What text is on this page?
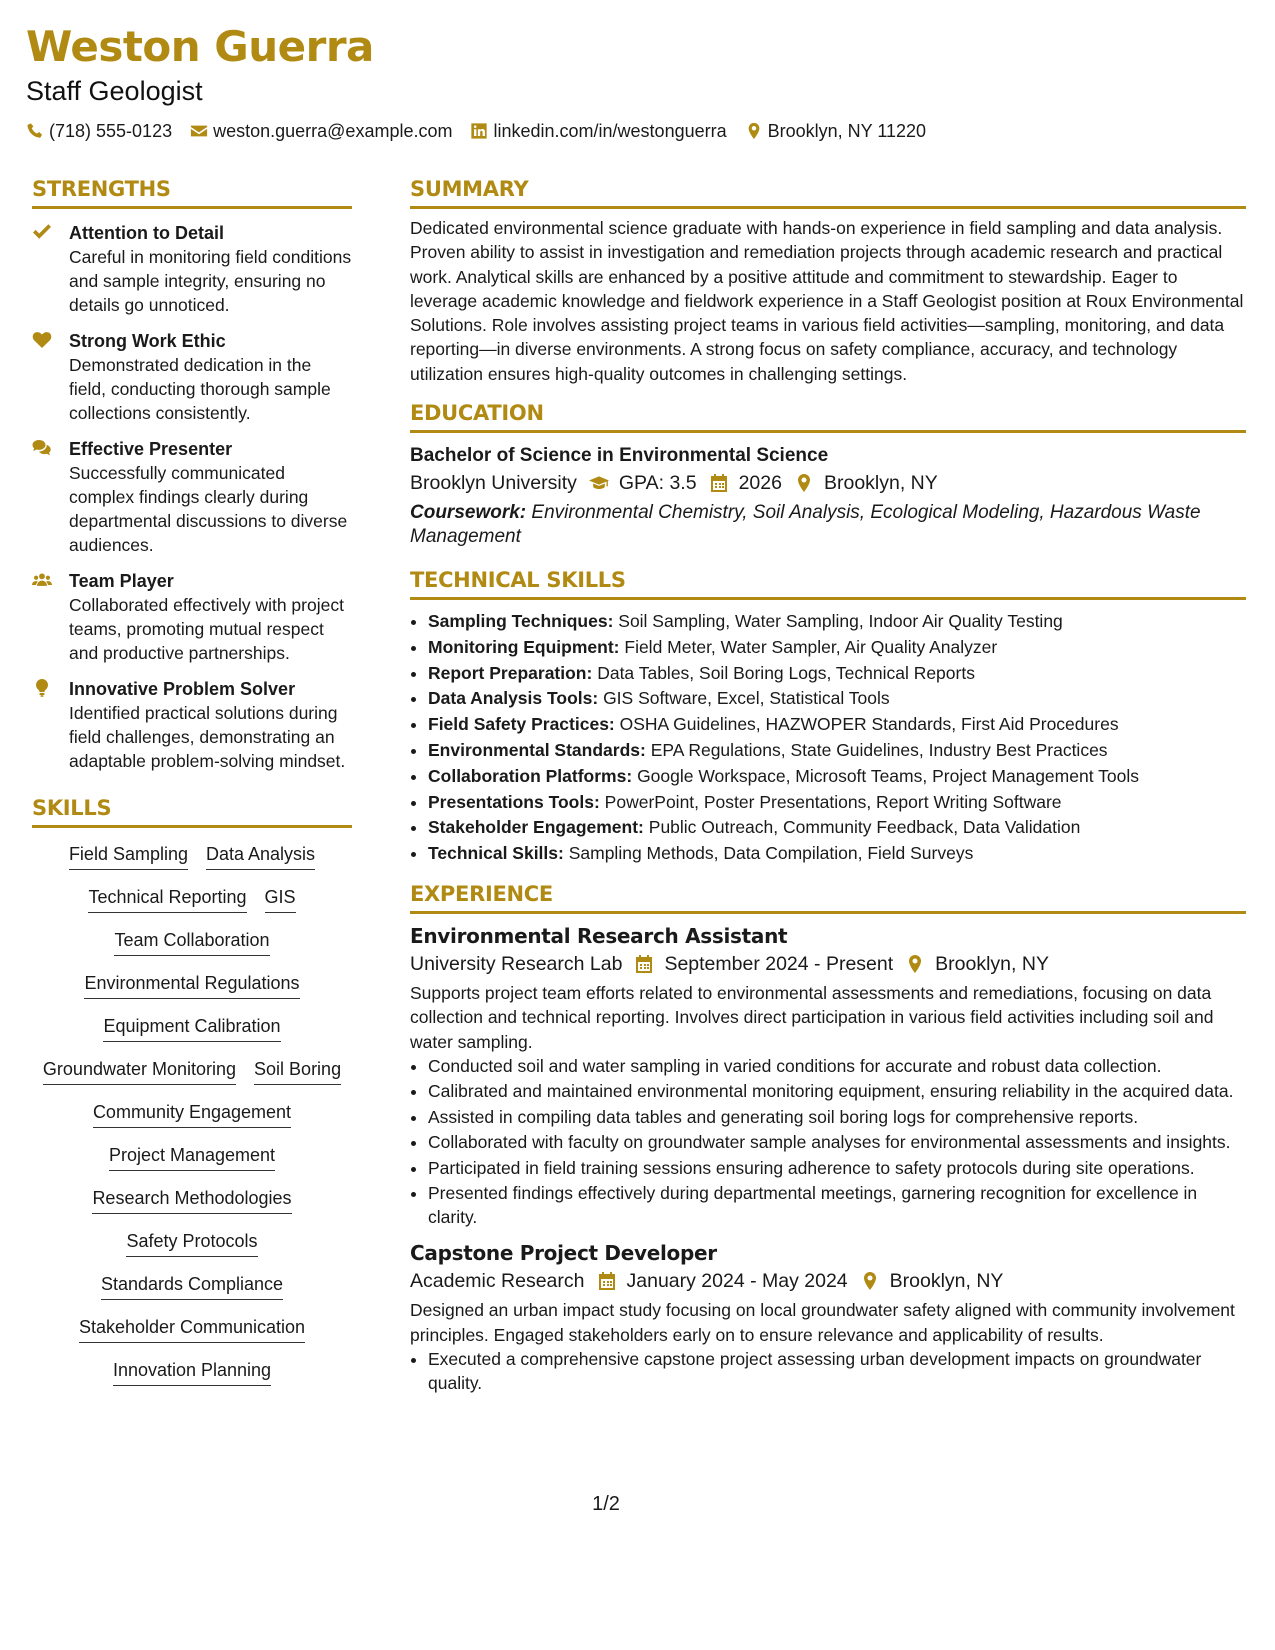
Weston Guerra

Staff Geologist

(718) 555-0123 weston.guerra@example.com linkedin.com/in/westonguerra Brooklyn, NY 11220
STRENGTHS
Attention to Detail
Careful in monitoring field conditions and sample integrity, ensuring no details go unnoticed.
Strong Work Ethic
Demonstrated dedication in the field, conducting thorough sample collections consistently.
Effective Presenter
Successfully communicated complex findings clearly during departmental discussions to diverse audiences.
Team Player
Collaborated effectively with project teams, promoting mutual respect and productive partnerships.
Innovative Problem Solver
Identified practical solutions during field challenges, demonstrating an adaptable problem-solving mindset.
SKILLS
Field Sampling Data Analysis
Technical Reporting GIS
Team Collaboration
Environmental Regulations
Equipment Calibration
Groundwater Monitoring Soil Boring
Community Engagement
Project Management
Research Methodologies
Safety Protocols
Standards Compliance
Stakeholder Communication
Innovation Planning
SUMMARY

Dedicated environmental science graduate with hands-on experience in field sampling and data analysis. Proven ability to assist in investigation and remediation projects through academic research and practical work. Analytical skills are enhanced by a positive attitude and commitment to stewardship. Eager to leverage academic knowledge and fieldwork experience in a Staff Geologist position at Roux Environmental Solutions. Role involves assisting project teams in various field activities—sampling, monitoring, and data reporting—in diverse environments. A strong focus on safety compliance, accuracy, and technology utilization ensures high-quality outcomes in challenging settings.

EDUCATION
Bachelor of Science in Environmental Science
Brooklyn University GPA: 3.5 2026 Brooklyn, NY
Coursework: Environmental Chemistry, Soil Analysis, Ecological Modeling, Hazardous Waste Management
TECHNICAL SKILLS
• Sampling Techniques: Soil Sampling, Water Sampling, Indoor Air Quality Testing
• Monitoring Equipment: Field Meter, Water Sampler, Air Quality Analyzer
• Report Preparation: Data Tables, Soil Boring Logs, Technical Reports
• Data Analysis Tools: GIS Software, Excel, Statistical Tools
• Field Safety Practices: OSHA Guidelines, HAZWOPER Standards, First Aid Procedures
• Environmental Standards: EPA Regulations, State Guidelines, Industry Best Practices
• Collaboration Platforms: Google Workspace, Microsoft Teams, Project Management Tools
• Presentations Tools: PowerPoint, Poster Presentations, Report Writing Software
• Stakeholder Engagement: Public Outreach, Community Feedback, Data Validation
• Technical Skills: Sampling Methods, Data Compilation, Field Surveys
EXPERIENCE
Environmental Research Assistant
University Research Lab September 2024 - Present Brooklyn, NY

Supports project team efforts related to environmental assessments and remediations, focusing on data collection and technical reporting. Involves direct participation in various field activities including soil and water sampling.

• Conducted soil and water sampling in varied conditions for accurate and robust data collection.
• Calibrated and maintained environmental monitoring equipment, ensuring reliability in the acquired data.
• Assisted in compiling data tables and generating soil boring logs for comprehensive reports.
• Collaborated with faculty on groundwater sample analyses for environmental assessments and insights.
• Participated in field training sessions ensuring adherence to safety protocols during site operations.
• Presented findings effectively during departmental meetings, garnering recognition for excellence in clarity.
Capstone Project Developer
Academic Research January 2024 - May 2024 Brooklyn, NY

Designed an urban impact study focusing on local groundwater safety aligned with community involvement principles. Engaged stakeholders early on to ensure relevance and applicability of results.

• Executed a comprehensive capstone project assessing urban development impacts on groundwater quality.
1/2
